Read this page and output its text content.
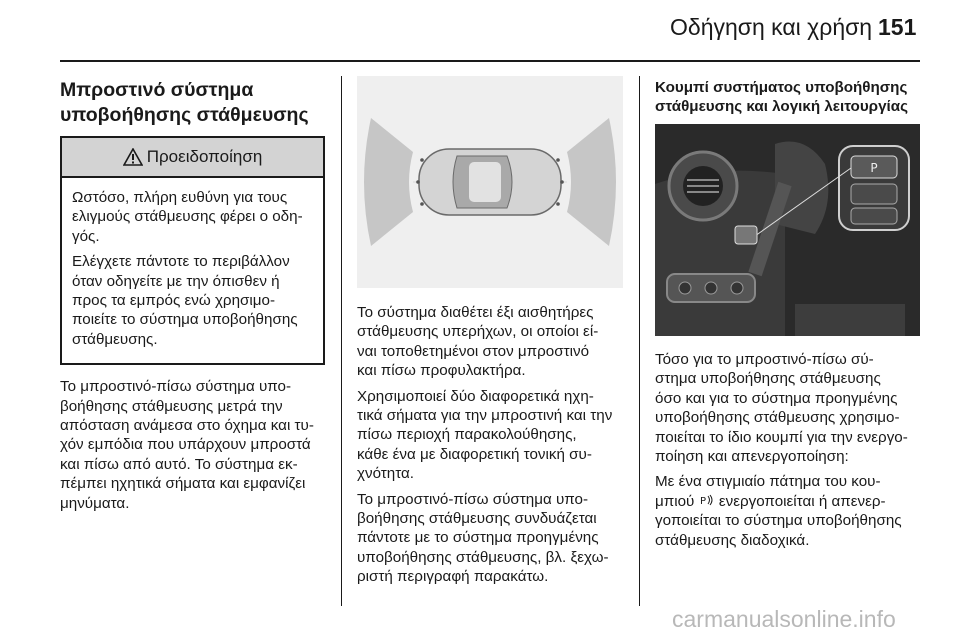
Οδήγηση και χρήση 151
Μπροστινό σύστημα
υποβοήθησης στάθμευσης
Προειδοποίηση

Ωστόσο, πλήρη ευθύνη για τους
ελιγμούς στάθμευσης φέρει ο οδη‐
γός.

Ελέγχετε πάντοτε το περιβάλλον
όταν οδηγείτε με την όπισθεν ή
προς τα εμπρός ενώ χρησιμο‐
ποιείτε το σύστημα υποβοήθησης
στάθμευσης.

Το μπροστινό-πίσω σύστημα υπο‐
βοήθησης στάθμευσης μετρά την
απόσταση ανάμεσα στο όχημα και τυ‐
χόν εμπόδια που υπάρχουν μπροστά
και πίσω από αυτό. Το σύστημα εκ‐
πέμπει ηχητικά σήματα και εμφανίζει
μηνύματα.

Το σύστημα διαθέτει έξι αισθητήρες
στάθμευσης υπερήχων, οι οποίοι εί‐
ναι τοποθετημένοι στον μπροστινό
και πίσω προφυλακτήρα.

Χρησιμοποιεί δύο διαφορετικά ηχη‐
τικά σήματα για την μπροστινή και την
πίσω περιοχή παρακολούθησης,
κάθε ένα με διαφορετική τονική συ‐
χνότητα.

Το μπροστινό-πίσω σύστημα υπο‐
βοήθησης στάθμευσης συνδυάζεται
πάντοτε με το σύστημα προηγμένης
υποβοήθησης στάθμευσης, βλ. ξεχω‐
ριστή περιγραφή παρακάτω.

Κουμπί συστήματος υποβοήθησης
στάθμευσης και λογική λειτουργίας
P

Τόσο για το μπροστινό-πίσω σύ‐
στημα υποβοήθησης στάθμευσης
όσο και για το σύστημα προηγμένης
υποβοήθησης στάθμευσης χρησιμο‐
ποιείται το ίδιο κουμπί για την ενεργο‐
ποίηση και απενεργοποίηση:

Με ένα στιγμιαίο πάτημα του κου‐
μπιού P ενεργοποιείται ή απενερ‐
γοποιείται το σύστημα υποβοήθησης
στάθμευσης διαδοχικά.

carmanualsonline.info
